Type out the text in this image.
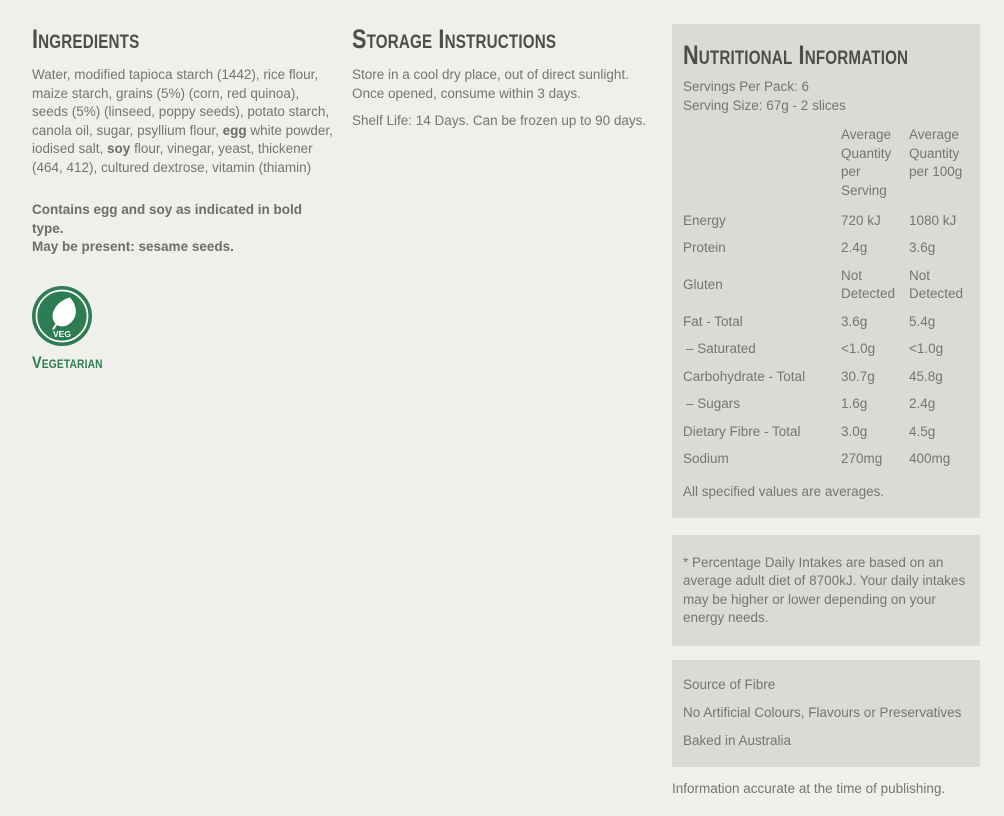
Ingredients

Water, modified tapioca starch (1442), rice flour, maize starch, grains (5%) (corn, red quinoa), seeds (5%) (linseed, poppy seeds), potato starch, canola oil, sugar, psyllium flour, egg white powder, iodised salt, soy flour, vinegar, yeast, thickener (464, 412), cultured dextrose, vitamin (thiamin)

Contains egg and soy as indicated in bold type.
May be present: sesame seeds.
VEG
Vegetarian
Storage Instructions

Store in a cool dry place, out of direct sunlight. Once opened, consume within 3 days.

Shelf Life: 14 Days. Can be frozen up to 90 days.

Nutritional Information
Servings Per Pack: 6
Serving Size: 67g - 2 slices
	Average Quantity per Serving	Average Quantity per 100g
Energy	720 kJ	1080 kJ
Protein	2.4g	3.6g
Gluten	Not Detected	Not Detected
Fat - Total	3.6g	5.4g
– Saturated	<1.0g	<1.0g
Carbohydrate - Total	30.7g	45.8g
– Sugars	1.6g	2.4g
Dietary Fibre - Total	3.0g	4.5g
Sodium	270mg	400mg
All specified values are averages.

* Percentage Daily Intakes are based on an average adult diet of 8700kJ. Your daily intakes may be higher or lower depending on your energy needs.

Source of Fibre

No Artificial Colours, Flavours or Preservatives

Baked in Australia

Information accurate at the time of publishing.
